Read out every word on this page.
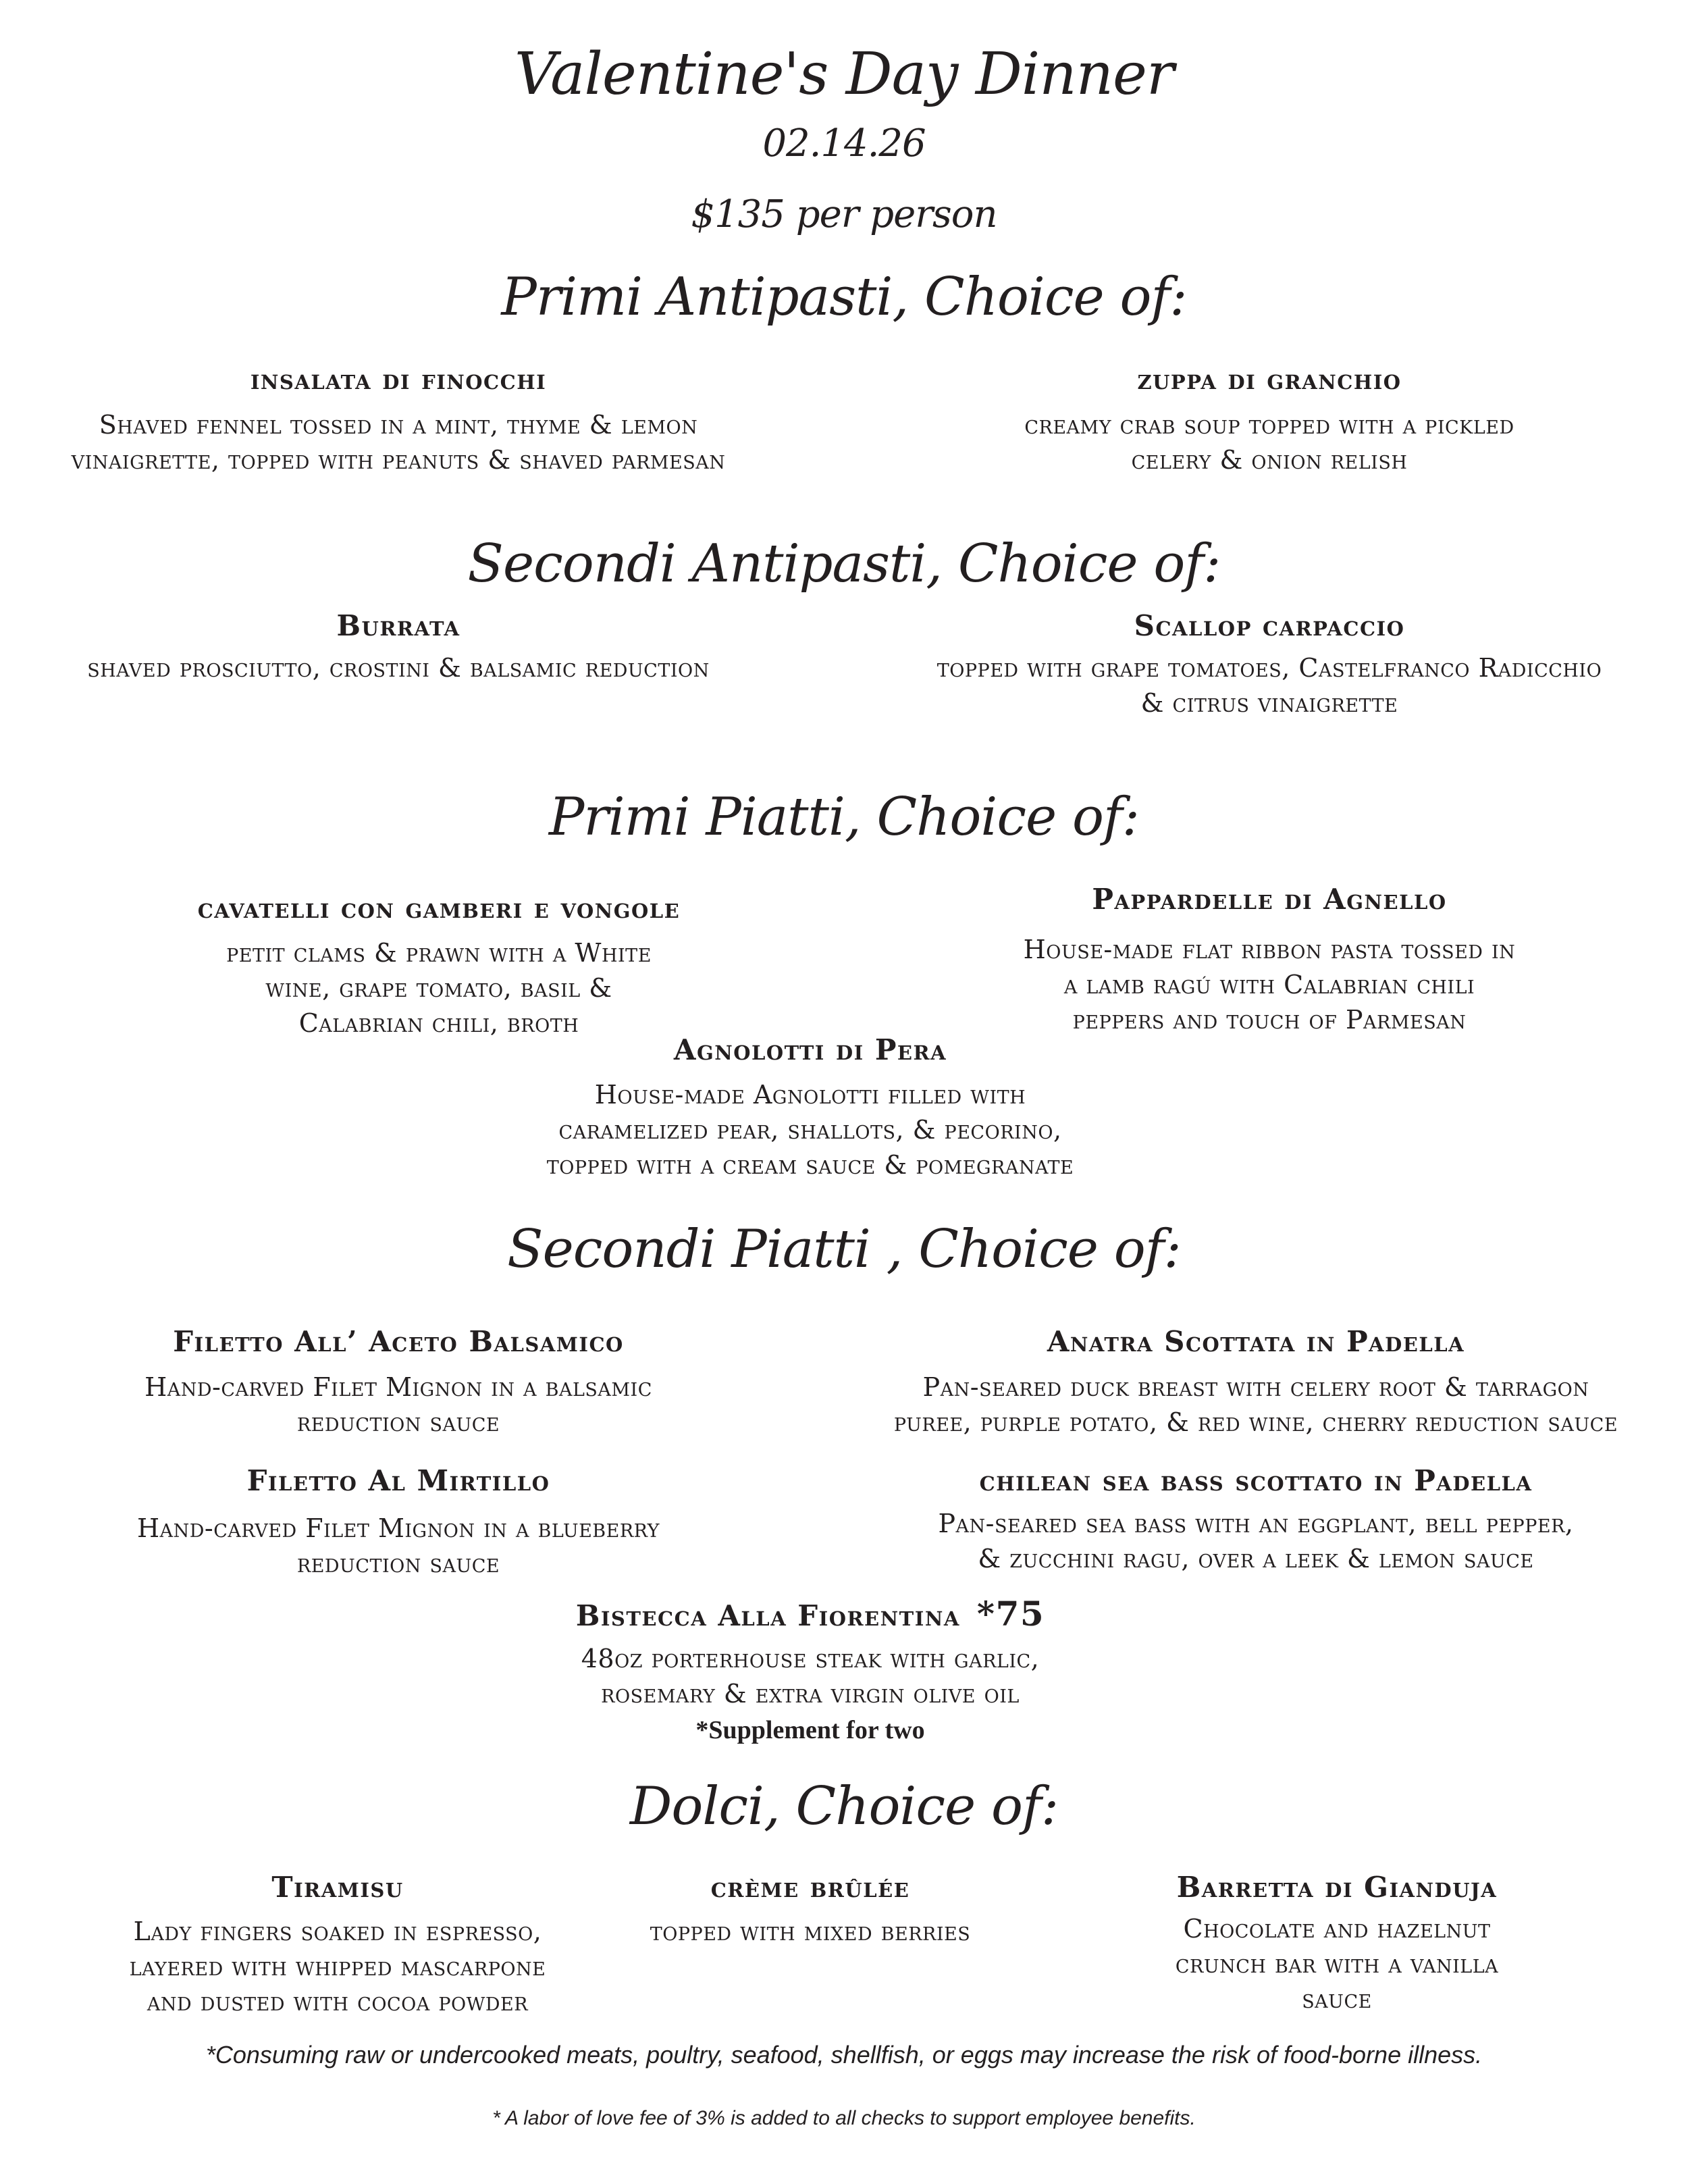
Valentine's Day Dinner
02.14.26
$135 per person
Primi Antipasti, Choice of:
insalata di finocchi
Shaved fennel tossed in a mint, thyme & lemon
vinaigrette, topped with peanuts & shaved parmesan
zuppa di granchio
creamy crab soup topped with a pickled
celery & onion relish
Secondi Antipasti, Choice of:
Burrata
shaved prosciutto, crostini & balsamic reduction
Scallop carpaccio
topped with grape tomatoes, Castelfranco Radicchio
& citrus vinaigrette
Primi Piatti, Choice of:
cavatelli con gamberi e vongole
petit clams & prawn with a White
wine, grape tomato, basil &
Calabrian chili, broth
Pappardelle di Agnello
House-made flat ribbon pasta tossed in
a lamb ragú with Calabrian chili
peppers and touch of Parmesan
Agnolotti di Pera
House-made Agnolotti filled with
caramelized pear, shallots, & pecorino,
topped with a cream sauce & pomegranate
Secondi Piatti , Choice of:
Filetto All’ Aceto Balsamico
Hand-carved Filet Mignon in a balsamic
reduction sauce
Anatra Scottata in Padella
Pan-seared duck breast with celery root & tarragon
puree, purple potato, & red wine, cherry reduction sauce
Filetto Al Mirtillo
Hand-carved Filet Mignon in a blueberry
reduction sauce
chilean sea bass scottato in Padella
Pan-seared sea bass with an eggplant, bell pepper,
& zucchini ragu, over a leek & lemon sauce
Bistecca Alla Fiorentina *75
48oz porterhouse steak with garlic,
rosemary & extra virgin olive oil
*Supplement for two
Dolci, Choice of:
Tiramisu
Lady fingers soaked in espresso,
layered with whipped mascarpone
and dusted with cocoa powder
crème brûlée
topped with mixed berries
Barretta di Gianduja
Chocolate and hazelnut
crunch bar with a vanilla
sauce
*Consuming raw or undercooked meats, poultry, seafood, shellfish, or eggs may increase the risk of food-borne illness.
* A labor of love fee of 3% is added to all checks to support employee benefits.
